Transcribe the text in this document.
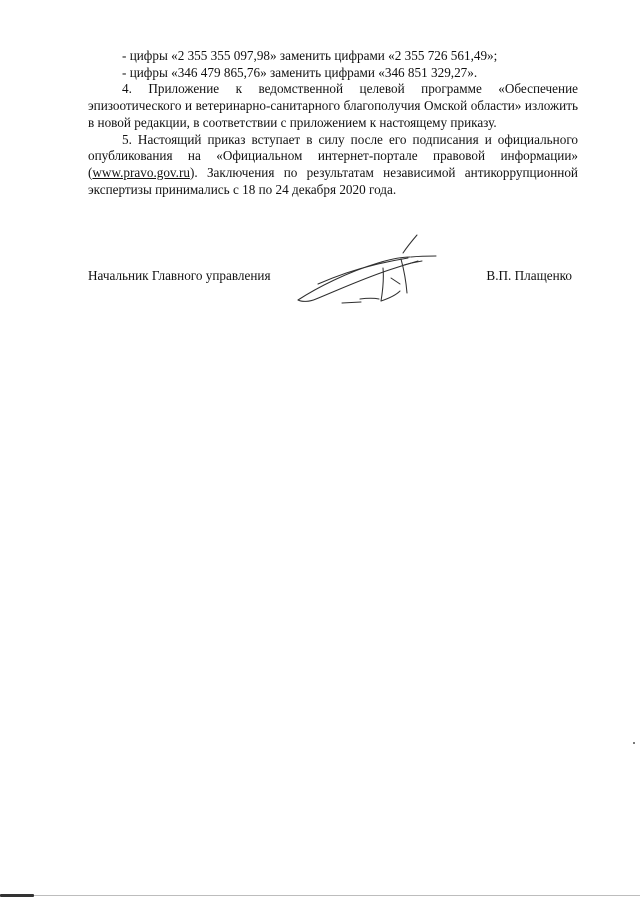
- цифры «2 355 355 097,98» заменить цифрами «2 355 726 561,49»;

- цифры «346 479 865,76» заменить цифрами «346 851 329,27».

4. Приложение к ведомственной целевой программе «Обеспечение эпизоотического и ветеринарно-санитарного благополучия Омской области» изложить в новой редакции, в соответствии с приложением к настоящему приказу.

5. Настоящий приказ вступает в силу после его подписания и официального опубликования на «Официальном интернет-портале правовой информации» (www.pravo.gov.ru). Заключения по результатам независимой антикоррупционной экспертизы принимались с 18 по 24 декабря 2020 года.

Начальник Главного управления	В.П. Плащенко
